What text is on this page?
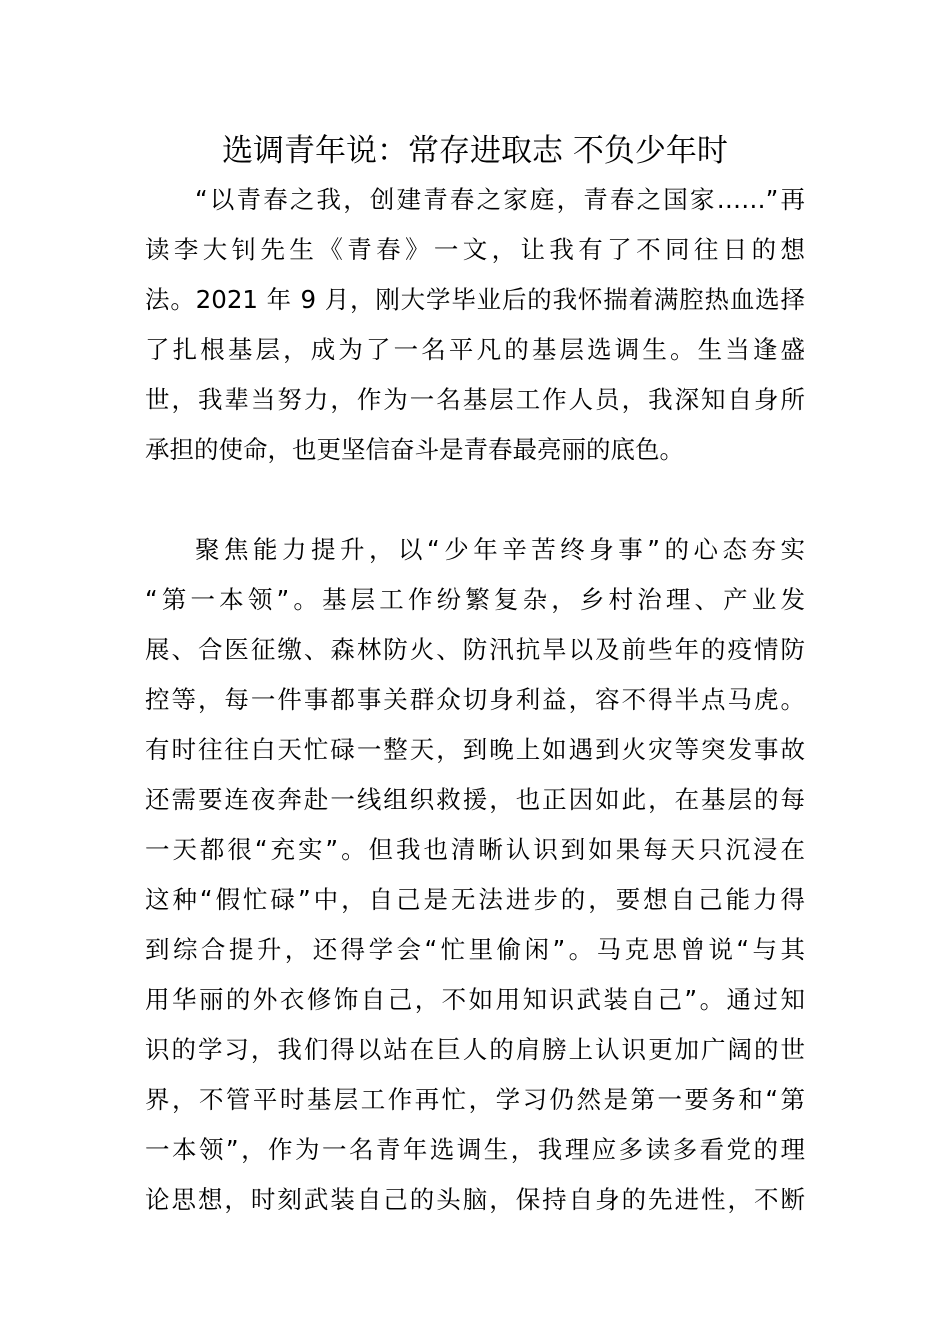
选调青年说：常存进取志 不负少年时
“以青春之我，创建青春之家庭，青春之国家……”再
读李大钊先生《青春》一文，让我有了不同往日的想
法。2021 年 9 月，刚大学毕业后的我怀揣着满腔热血选择
了扎根基层，成为了一名平凡的基层选调生。生当逢盛
世，我辈当努力，作为一名基层工作人员，我深知自身所
承担的使命，也更坚信奋斗是青春最亮丽的底色。
聚焦能力提升，以“少年辛苦终身事”的心态夯实
“第一本领”。基层工作纷繁复杂，乡村治理、产业发
展、合医征缴、森林防火、防汛抗旱以及前些年的疫情防
控等，每一件事都事关群众切身利益，容不得半点马虎。
有时往往白天忙碌一整天，到晚上如遇到火灾等突发事故
还需要连夜奔赴一线组织救援，也正因如此，在基层的每
一天都很“充实”。但我也清晰认识到如果每天只沉浸在
这种“假忙碌”中，自己是无法进步的，要想自己能力得
到综合提升，还得学会“忙里偷闲”。马克思曾说“与其
用华丽的外衣修饰自己，不如用知识武装自己”。通过知
识的学习，我们得以站在巨人的肩膀上认识更加广阔的世
界，不管平时基层工作再忙，学习仍然是第一要务和“第
一本领”，作为一名青年选调生，我理应多读多看党的理
论思想，时刻武装自己的头脑，保持自身的先进性，不断
